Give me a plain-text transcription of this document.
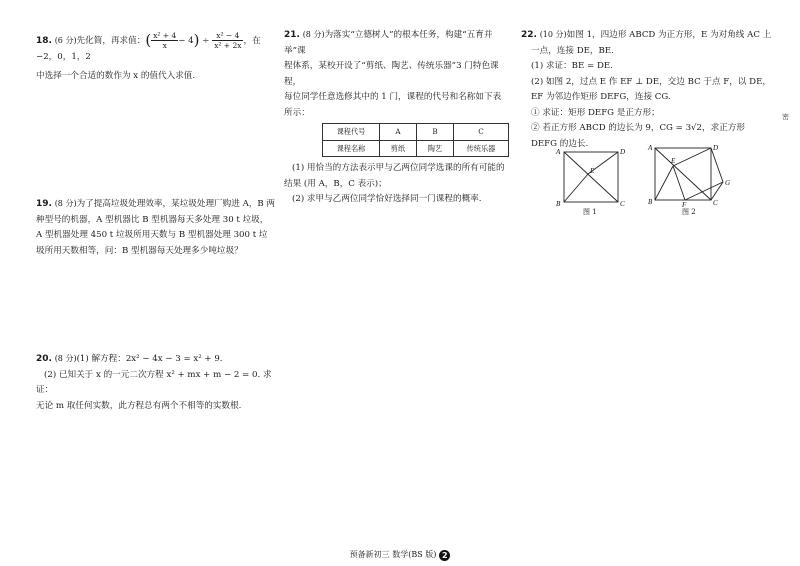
18. (6 分)先化简，再求值：( $\frac{\text{x² + 4}}{x} - 4) \div \frac{\text{x² − 4}}{\text{x² + 2x}}$ ，在 −2，0，1，2

中选择一个合适的数作为 x 的值代入求值.

19. (8 分)为了提高垃圾处理效率，某垃圾处理厂购进 A，B 两

种型号的机器，A 型机器比 B 型机器每天多处理 30 t 垃圾，

A 型机器处理 450 t 垃圾所用天数与 B 型机器处理 300 t 垃

圾所用天数相等，问：B 型机器每天处理多少吨垃圾？

20. (8 分)(1) 解方程：2x² − 4x − 3 = x² + 9.

(2) 已知关于 x 的一元二次方程 x² + mx + m − 2 = 0. 求证：

无论 m 取任何实数，此方程总有两个不相等的实数根.

21. (8 分)为落实“立德树人”的根本任务，构建“五育并举”课

程体系，某校开设了“剪纸、陶艺、传统乐器”3 门特色课程，

每位同学任意选修其中的 1 门，课程的代号和名称如下表

所示：

课程代号	A	B	C
课程名称	剪纸	陶艺	传统乐器

(1) 用恰当的方法表示甲与乙两位同学选课的所有可能的

结果 (用 A，B，C 表示)；

(2) 求甲与乙两位同学恰好选择同一门课程的概率.

22. (10 分)如图 1，四边形 ABCD 为正方形，E 为对角线 AC 上

一点，连接 DE，BE.

(1) 求证：BE = DE.

(2) 如图 2，过点 E 作 EF ⊥ DE，交边 BC 于点 F，以 DE，

EF 为邻边作矩形 DEFG，连接 CG.

① 求证：矩形 DEFG 是正方形；

② 若正方形 ABCD 的边长为 9，CG = 3√2，求正方形

DEFG 的边长.

A	D
B	C
E
图 1
A	D
B	C
E
F
G
图 2
密
预备新初三 数学(BS 版) 2
